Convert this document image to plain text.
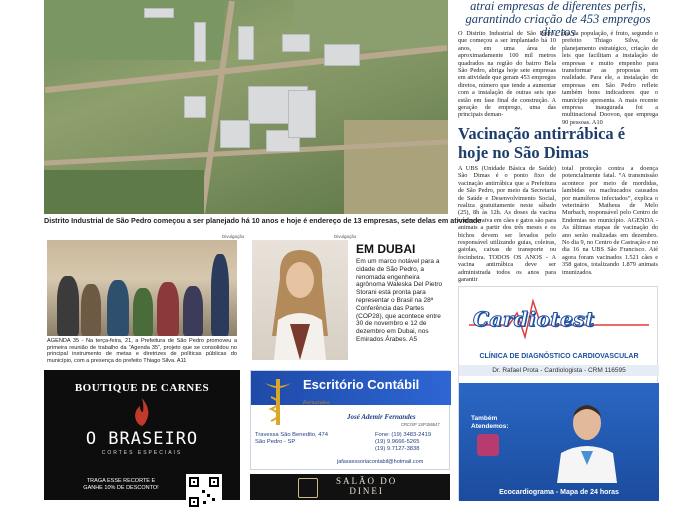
Distrito Industrial de São Pedro começou a ser planejado há 10 anos e hoje é endereço de 13 empresas, sete delas em atividade
atrai empresas de diferentes perfis,
garantindo criação de 453 empregos diretos
O Distrito Industrial de São Pedro, que começou a ser implantado há 10 anos, em uma área de aproximadamente 100 mil metros quadrados na região do bairro Bela São Pedro, abriga hoje sete empresas em atividade que geram 453 empregos diretos, número que tende a aumentar com a instalação de outras seis que estão em fase final de construção. A geração de emprego, uma das principais deman-
das da população, é fruto, segundo o prefeito Thiago Silva, de planejamento estratégico, criação de leis que facilitam a instalação de empresas e muito empenho para transformar as propostas em realidade. Para ele, a instalação de empresas em São Pedro reflete também bons indicadores que o município apresenta. A mais recente empresa inaugurada foi a multinacional Doovon, que emprega 90 pessoas. A10
Vacinação antirrábica é hoje no São Dimas
A UBS (Unidade Básica de Saúde) São Dimas é o ponto fixo de vacinação antirrábica que a Prefeitura de São Pedro, por meio da Secretaria de Saúde e Desenvolvimento Social, realiza gratuitamente neste sábado (25), 8h às 12h. As doses da vacina contra a raiva em cães e gatos são para animais a partir dos três meses e os bichos devem ser levados pelo responsável utilizando guias, coleiras, gaiolas, caixas de transporte ou focinheira. TODOS OS ANOS - A vacina antirrábica deve ser administrada todos os anos para garantir
total proteção contra a doença potencialmente fatal. “A transmissão acontece por meio de mordidas, lambidas ou machucados causados por mamíferos infectados”, explica o veterinário Matheus de Melo Murbach, responsável pelo Centro de Endemias no município. AGENDA - As últimas etapas de vacinação do ano serão realizadas em dezembro. No dia 9, no Centro de Castração e no dia 16 na UBS São Francisco. Até agora foram vacinados 1.521 cães e 358 gatos, totalizando 1.879 animais imunizados.
Divulgação
AGENDA 35 - Na terça-feira, 21, a Prefeitura de São Pedro promoveu a primeira reunião de trabalho da “Agenda 35”, projeto que se consolidou no principal instrumento de metas e diretrizes de políticas públicas do município, com a presença do prefeito Thiago Silva. A11
Divulgação
EM DUBAI
Em um marco notável para a cidade de São Pedro, a renomada engenheira agrônoma Waleska Del Pietro Storani está pronta para representar o Brasil na 28ª Conferência das Partes (COP28), que acontece entre 30 de novembro e 12 de dezembro em Dubai, nos Emirados Árabes. A5
Cardiotest
CLÍNICA DE DIAGNÓSTICO CARDIOVASCULAR
Dr. Rafael Prota - Cardiologista - CRM 116595
Também
Atendemos:
Ecocardiograma - Mapa de 24 horas
BOUTIQUE DE CARNES
O BRASEIRO
CORTES ESPECIAIS
TRAGA ESSE RECORTE E
GANHE 10% DE DESCONTO!
Escritório Contábil
Fernandes
José Ademir Fernandes
CRC/SP 1SP156547
Travessa São Benedito, 474
São Pedro - SP
Fone: (19) 3483-2419
(19) 9.9666-5265
(19) 9.7127-3838
jafassessoriacontabil@hotmail.com
SALÃO DO
DINEI
